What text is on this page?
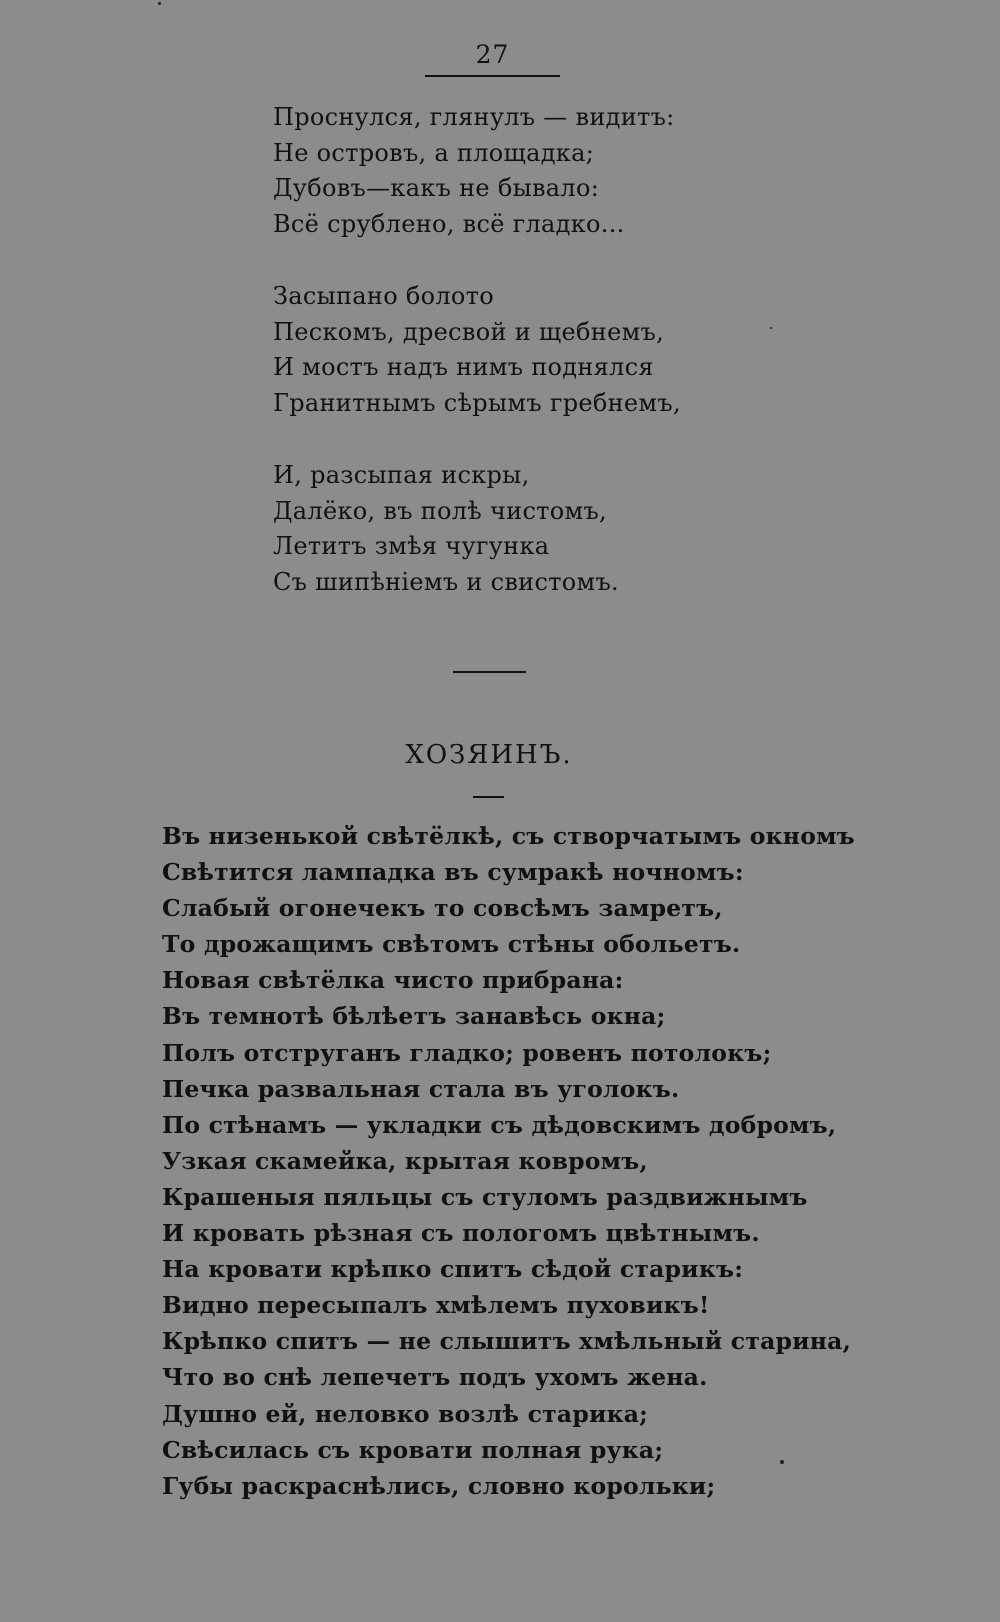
27
Проснулся, глянулъ — видитъ:
Не островъ, а площадка;
Дубовъ—какъ не бывало:
Всё срублено, всё гладко...
Засыпано болото
Пескомъ, дресвой и щебнемъ,
И мостъ надъ нимъ поднялся
Гранитнымъ сѣрымъ гребнемъ,
И, разсыпая искры,
Далёко, въ полѣ чистомъ,
Летитъ змѣя чугунка
Съ шипѣніемъ и свистомъ.
ХОЗЯИНЪ.
Въ низенькой свѣтёлкѣ, съ створчатымъ окномъ
Свѣтится лампадка въ сумракѣ ночномъ:
Слабый огонечекъ то совсѣмъ замретъ,
То дрожащимъ свѣтомъ стѣны обольетъ.
Новая свѣтёлка чисто прибрана:
Въ темнотѣ бѣлѣетъ занавѣсь окна;
Полъ отструганъ гладко; ровенъ потолокъ;
Печка развальная стала въ уголокъ.
По стѣнамъ — укладки съ дѣдовскимъ добромъ,
Узкая скамейка, крытая ковромъ,
Крашеныя пяльцы съ стуломъ раздвижнымъ
И кровать рѣзная съ пологомъ цвѣтнымъ.
На кровати крѣпко спитъ сѣдой старикъ:
Видно пересыпалъ хмѣлемъ пуховикъ!
Крѣпко спитъ — не слышитъ хмѣльный старина,
Что во снѣ лепечетъ подъ ухомъ жена.
Душно ей, неловко возлѣ старика;
Свѣсилась съ кровати полная рука;
Губы раскраснѣлись, словно корольки;
